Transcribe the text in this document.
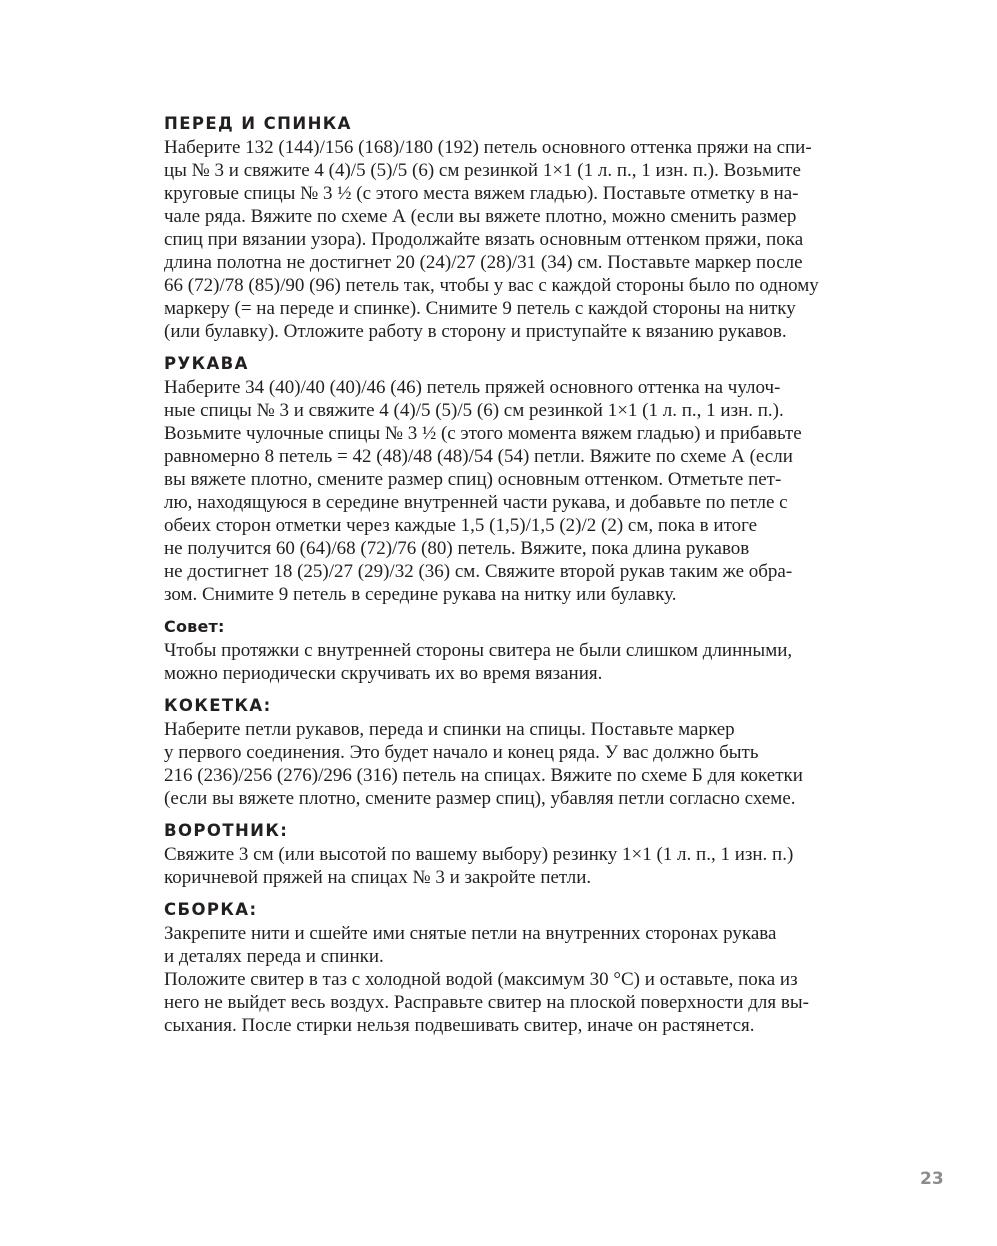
ПЕРЕД И СПИНКА

Наберите 132 (144)/156 (168)/180 (192) петель основного оттенка пряжи на спи-
цы № 3 и свяжите 4 (4)/5 (5)/5 (6) см резинкой 1×1 (1 л. п., 1 изн. п.). Возьмите
круговые спицы № 3 ½ (с этого места вяжем гладью). Поставьте отметку в на-
чале ряда. Вяжите по схеме А (если вы вяжете плотно, можно сменить размер
спиц при вязании узора). Продолжайте вязать основным оттенком пряжи, пока
длина полотна не достигнет 20 (24)/27 (28)/31 (34) см. Поставьте маркер после
66 (72)/78 (85)/90 (96) петель так, чтобы у вас с каждой стороны было по одному
маркеру (= на переде и спинке). Снимите 9 петель с каждой стороны на нитку
(или булавку). Отложите работу в сторону и приступайте к вязанию рукавов.

РУКАВА

Наберите 34 (40)/40 (40)/46 (46) петель пряжей основного оттенка на чулоч-
ные спицы № 3 и свяжите 4 (4)/5 (5)/5 (6) см резинкой 1×1 (1 л. п., 1 изн. п.).
Возьмите чулочные спицы № 3 ½ (с этого момента вяжем гладью) и прибавьте
равномерно 8 петель = 42 (48)/48 (48)/54 (54) петли. Вяжите по схеме А (если
вы вяжете плотно, смените размер спиц) основным оттенком. Отметьте пет-
лю, находящуюся в середине внутренней части рукава, и добавьте по петле с
обеих сторон отметки через каждые 1,5 (1,5)/1,5 (2)/2 (2) см, пока в итоге
не получится 60 (64)/68 (72)/76 (80) петель. Вяжите, пока длина рукавов
не достигнет 18 (25)/27 (29)/32 (36) см. Свяжите второй рукав таким же обра-
зом. Снимите 9 петель в середине рукава на нитку или булавку.

Совет:

Чтобы протяжки с внутренней стороны свитера не были слишком длинными,
можно периодически скручивать их во время вязания.

КОКЕТКА:

Наберите петли рукавов, переда и спинки на спицы. Поставьте маркер
у первого соединения. Это будет начало и конец ряда. У вас должно быть
216 (236)/256 (276)/296 (316) петель на спицах. Вяжите по схеме Б для кокетки
(если вы вяжете плотно, смените размер спиц), убавляя петли согласно схеме.

ВОРОТНИК:

Свяжите 3 см (или высотой по вашему выбору) резинку 1×1 (1 л. п., 1 изн. п.)
коричневой пряжей на спицах № 3 и закройте петли.

СБОРКА:

Закрепите нити и сшейте ими снятые петли на внутренних сторонах рукава
и деталях переда и спинки.
Положите свитер в таз с холодной водой (максимум 30 °С) и оставьте, пока из
него не выйдет весь воздух. Расправьте свитер на плоской поверхности для вы-
сыхания. После стирки нельзя подвешивать свитер, иначе он растянется.

23
